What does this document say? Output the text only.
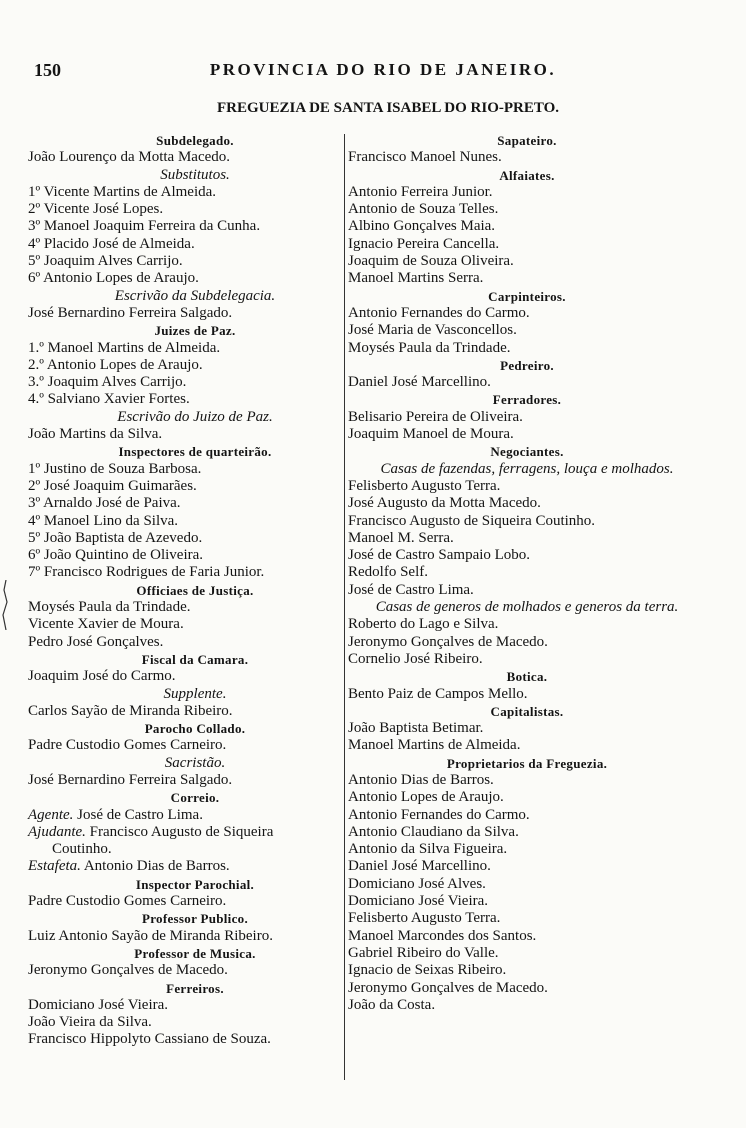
150	PROVINCIA DO RIO DE JANEIRO.
FREGUEZIA DE SANTA ISABEL DO RIO-PRETO.
Subdelegado.
João Lourenço da Motta Macedo.
Substitutos.
1º Vicente Martins de Almeida.
2º Vicente José Lopes.
3º Manoel Joaquim Ferreira da Cunha.
4º Placido José de Almeida.
5º Joaquim Alves Carrijo.
6º Antonio Lopes de Araujo.
Escrivão da Subdelegacia.
José Bernardino Ferreira Salgado.
Juizes de Paz.
1.º Manoel Martins de Almeida.
2.º Antonio Lopes de Araujo.
3.º Joaquim Alves Carrijo.
4.º Salviano Xavier Fortes.
Escrivão do Juizo de Paz.
João Martins da Silva.
Inspectores de quarteirão.
1º Justino de Souza Barbosa.
2º José Joaquim Guimarães.
3º Arnaldo José de Paiva.
4º Manoel Lino da Silva.
5º João Baptista de Azevedo.
6º João Quintino de Oliveira.
7º Francisco Rodrigues de Faria Junior.
Officiaes de Justiça.
Moysés Paula da Trindade.
Vicente Xavier de Moura.
Pedro José Gonçalves.
Fiscal da Camara.
Joaquim José do Carmo.
Supplente.
Carlos Sayão de Miranda Ribeiro.
Parocho Collado.
Padre Custodio Gomes Carneiro.
Sacristão.
José Bernardino Ferreira Salgado.
Correio.
Agente. José de Castro Lima.
Ajudante. Francisco Augusto de Siqueira
Coutinho.
Estafeta. Antonio Dias de Barros.
Inspector Parochial.
Padre Custodio Gomes Carneiro.
Professor Publico.
Luiz Antonio Sayão de Miranda Ribeiro.
Professor de Musica.
Jeronymo Gonçalves de Macedo.
Ferreiros.
Domiciano José Vieira.
João Vieira da Silva.
Francisco Hippolyto Cassiano de Souza.
Sapateiro.
Francisco Manoel Nunes.
Alfaiates.
Antonio Ferreira Junior.
Antonio de Souza Telles.
Albino Gonçalves Maia.
Ignacio Pereira Cancella.
Joaquim de Souza Oliveira.
Manoel Martins Serra.
Carpinteiros.
Antonio Fernandes do Carmo.
José Maria de Vasconcellos.
Moysés Paula da Trindade.
Pedreiro.
Daniel José Marcellino.
Ferradores.
Belisario Pereira de Oliveira.
Joaquim Manoel de Moura.
Negociantes.
Casas de fazendas, ferragens, louça e molhados.
Felisberto Augusto Terra.
José Augusto da Motta Macedo.
Francisco Augusto de Siqueira Coutinho.
Manoel M. Serra.
José de Castro Sampaio Lobo.
Redolfo Self.
José de Castro Lima.
Casas de generos de molhados e generos da terra.
Roberto do Lago e Silva.
Jeronymo Gonçalves de Macedo.
Cornelio José Ribeiro.
Botica.
Bento Paiz de Campos Mello.
Capitalistas.
João Baptista Betimar.
Manoel Martins de Almeida.
Proprietarios da Freguezia.
Antonio Dias de Barros.
Antonio Lopes de Araujo.
Antonio Fernandes do Carmo.
Antonio Claudiano da Silva.
Antonio da Silva Figueira.
Daniel José Marcellino.
Domiciano José Alves.
Domiciano José Vieira.
Felisberto Augusto Terra.
Manoel Marcondes dos Santos.
Gabriel Ribeiro do Valle.
Ignacio de Seixas Ribeiro.
Jeronymo Gonçalves de Macedo.
João da Costa.
